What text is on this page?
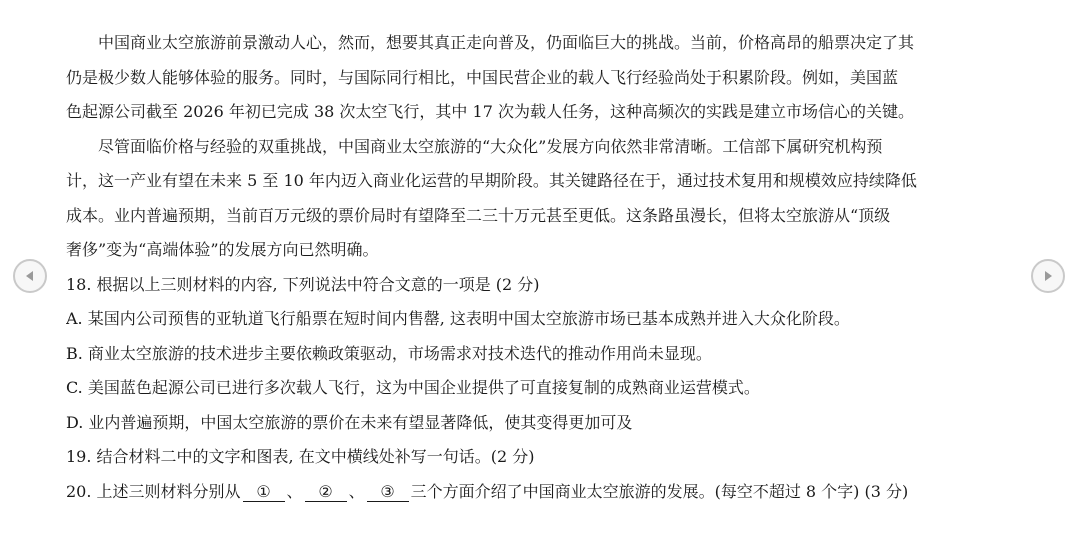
中国商业太空旅游前景激动人心，然而，想要其真正走向普及，仍面临巨大的挑战。当前，价格高昂的船票决定了其
仍是极少数人能够体验的服务。同时，与国际同行相比，中国民营企业的载人飞行经验尚处于积累阶段。例如，美国蓝
色起源公司截至 2026 年初已完成 38 次太空飞行，其中 17 次为载人任务，这种高频次的实践是建立市场信心的关键。
尽管面临价格与经验的双重挑战，中国商业太空旅游的“大众化”发展方向依然非常清晰。工信部下属研究机构预
计，这一产业有望在未来 5 至 10 年内迈入商业化运营的早期阶段。其关键路径在于，通过技术复用和规模效应持续降低
成本。业内普遍预期，当前百万元级的票价局时有望降至二三十万元甚至更低。这条路虽漫长，但将太空旅游从“顶级
奢侈”变为“高端体验”的发展方向已然明确。
18. 根据以上三则材料的内容, 下列说法中符合文意的一项是 (2 分)
A. 某国内公司预售的亚轨道飞行船票在短时间内售罄, 这表明中国太空旅游市场已基本成熟并进入大众化阶段。
B. 商业太空旅游的技术进步主要依赖政策驱动，市场需求对技术迭代的推动作用尚未显现。
C. 美国蓝色起源公司已进行多次载人飞行，这为中国企业提供了可直接复制的成熟商业运营模式。
D. 业内普遍预期，中国太空旅游的票价在未来有望显著降低，使其变得更加可及
19. 结合材料二中的文字和图表, 在文中横线处补写一句话。(2 分)
20. 上述三则材料分别从 ① 、 ② 、 ③ 三个方面介绍了中国商业太空旅游的发展。(每空不超过 8 个字) (3 分)
